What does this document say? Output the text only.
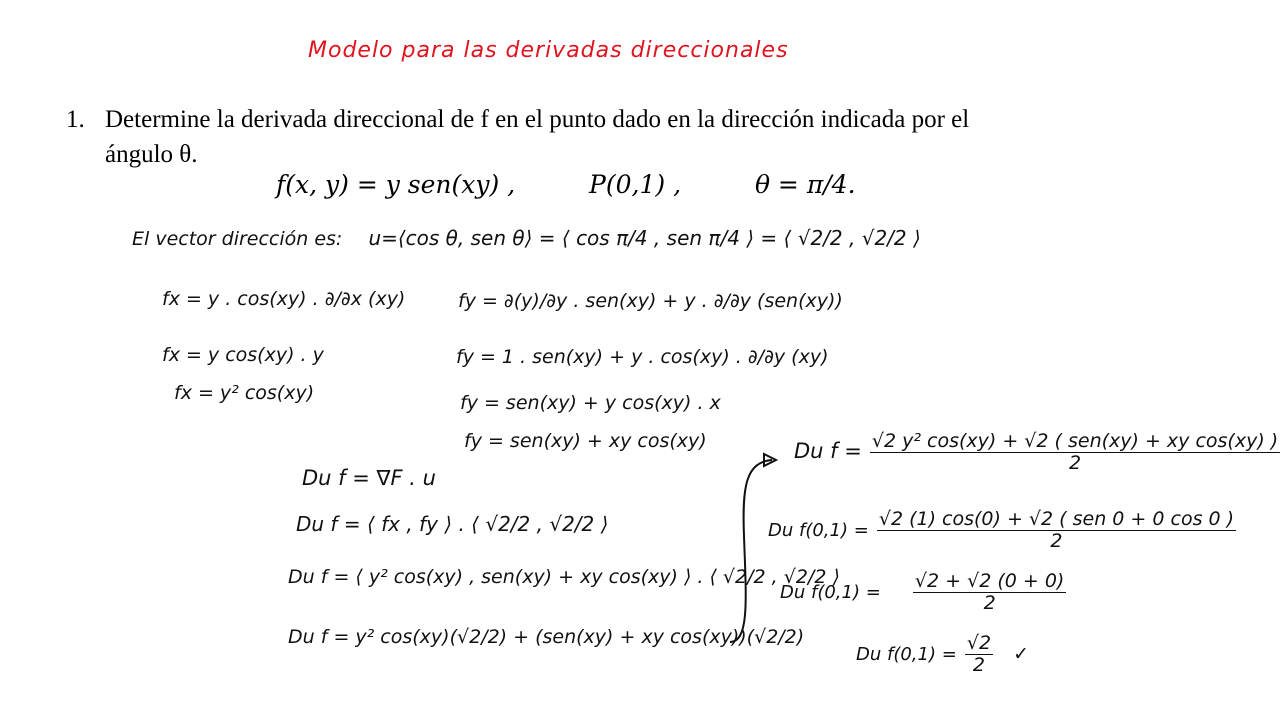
Modelo para las derivadas direccionales
1. Determine la derivada direccional de f en el punto dado en la dirección indicada por el ángulo θ.
f(x, y) = y sen(xy) ,	P(0,1) ,	θ = π/4.
El vector dirección es: u=⟨cos θ, sen θ⟩ = ⟨ cos π/4 , sen π/4 ⟩ = ⟨ √2/2 , √2/2 ⟩
fx = y . cos(xy) . ∂/∂x (xy)
fx = y cos(xy) . y
fx = y² cos(xy)
fy = ∂(y)/∂y . sen(xy) + y . ∂/∂y (sen(xy))
fy = 1 . sen(xy) + y . cos(xy) . ∂/∂y (xy)
fy = sen(xy) + y cos(xy) . x
fy = sen(xy) + xy cos(xy)
Du f = ∇F . u
Du f = ⟨ fx , fy ⟩ . ⟨ √2/2 , √2/2 ⟩
Du f = ⟨ y² cos(xy) , sen(xy) + xy cos(xy) ⟩ . ⟨ √2/2 , √2/2 ⟩
Du f = y² cos(xy)(√2/2) + (sen(xy) + xy cos(xy))(√2/2)
Du $f = \frac{\text{√2 y² cos(xy) + √2 ( sen(xy) + xy cos(xy) )}}{2}$
Du $f(0,1) = \frac{\text{√2 (1) cos(0) + √2 ( sen 0 + 0 cos 0 )}}{2}$
Du $f(0,1) = \frac{√2 + √2 (0 + 0)}{2}$
Du $f(0,1) = \frac{√2}{2}$ ✓
